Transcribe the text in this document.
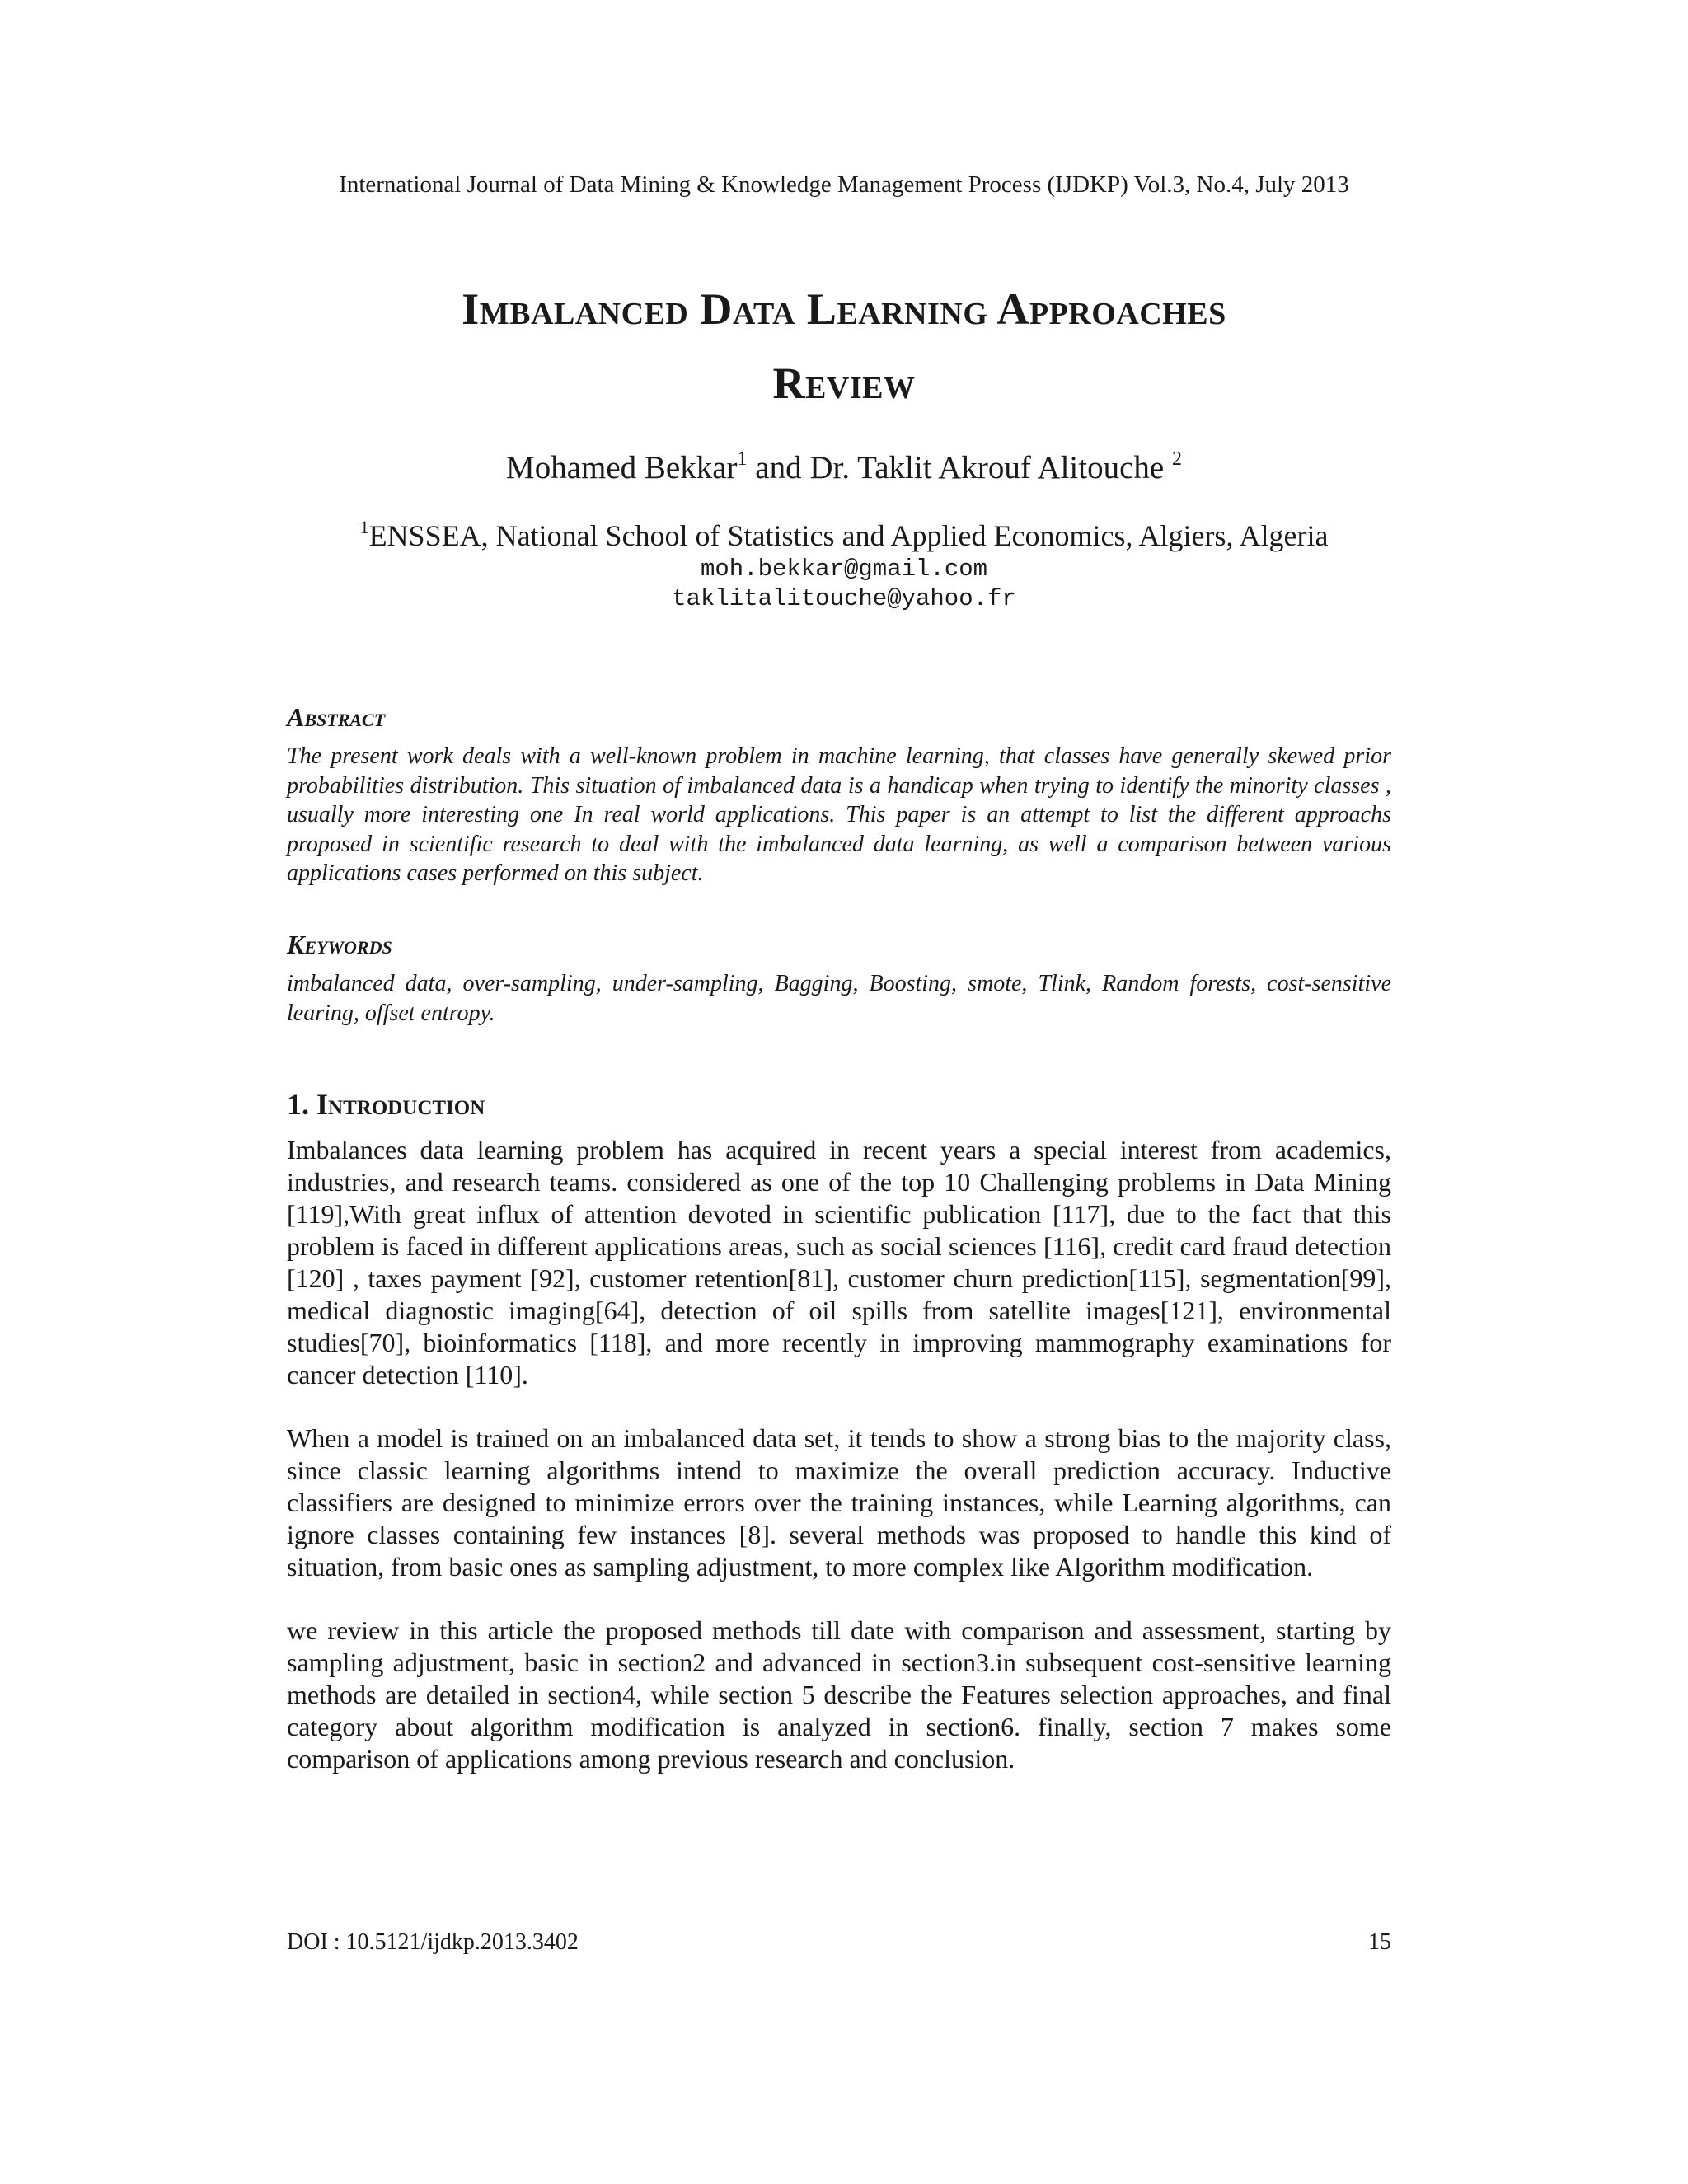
International Journal of Data Mining & Knowledge Management Process (IJDKP) Vol.3, No.4, July 2013
Imbalanced Data Learning Approaches
Review
Mohamed Bekkar$^1$ and Dr. Taklit Akrouf Alitouche $^2$
$^1$ENSSEA, National School of Statistics and Applied Economics, Algiers, Algeria
moh.bekkar@gmail.com
taklitalitouche@yahoo.fr
Abstract
The present work deals with a well-known problem in machine learning, that classes have generally skewed prior probabilities distribution. This situation of imbalanced data is a handicap when trying to identify the minority classes , usually more interesting one In real world applications. This paper is an attempt to list the different approachs proposed in scientific research to deal with the imbalanced data learning, as well a comparison between various applications cases performed on this subject.
Keywords
imbalanced data, over-sampling, under-sampling, Bagging, Boosting, smote, Tlink, Random forests, cost-sensitive learing, offset entropy.
1. Introduction
Imbalances data learning problem has acquired in recent years a special interest from academics, industries, and research teams. considered as one of the top 10 Challenging problems in Data Mining [119],With great influx of attention devoted in scientific publication [117], due to the fact that this problem is faced in different applications areas, such as social sciences [116], credit card fraud detection [120] , taxes payment [92], customer retention[81], customer churn prediction[115], segmentation[99], medical diagnostic imaging[64], detection of oil spills from satellite images[121], environmental studies[70], bioinformatics [118], and more recently in improving mammography examinations for cancer detection [110].
When a model is trained on an imbalanced data set, it tends to show a strong bias to the majority class, since classic learning algorithms intend to maximize the overall prediction accuracy. Inductive classifiers are designed to minimize errors over the training instances, while Learning algorithms, can ignore classes containing few instances [8]. several methods was proposed to handle this kind of situation, from basic ones as sampling adjustment, to more complex like Algorithm modification.
we review in this article the proposed methods till date with comparison and assessment, starting by sampling adjustment, basic in section2 and advanced in section3.in subsequent cost-sensitive learning methods are detailed in section4, while section 5 describe the Features selection approaches, and final category about algorithm modification is analyzed in section6. finally, section 7 makes some comparison of applications among previous research and conclusion.
DOI : 10.5121/ijdkp.2013.3402	15
